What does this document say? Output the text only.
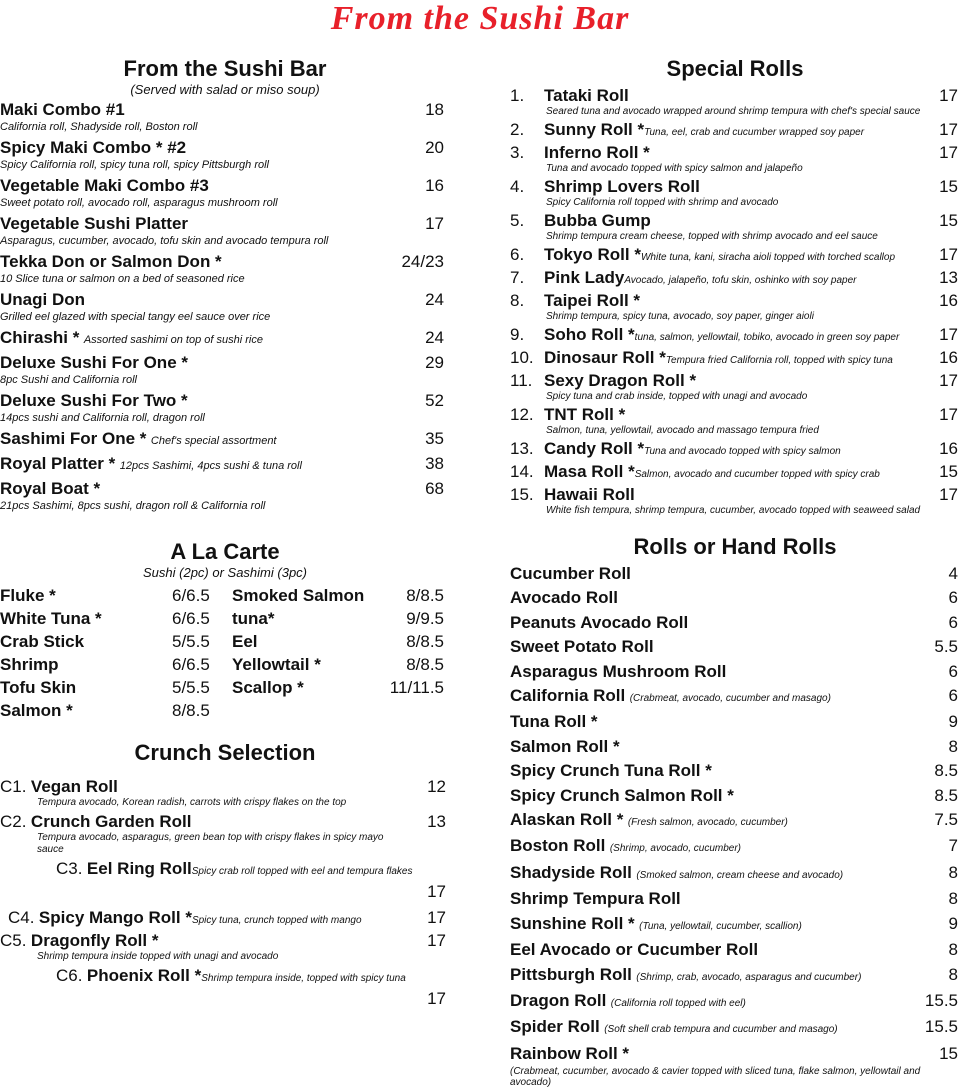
From the Sushi Bar
From the Sushi Bar
(Served with salad or miso soup)
Maki Combo #1	18
California roll, Shadyside roll, Boston roll
Spicy Maki Combo * #2	20
Spicy California roll, spicy tuna roll, spicy Pittsburgh roll
Vegetable Maki Combo #3	16
Sweet potato roll, avocado roll, asparagus mushroom roll
Vegetable Sushi Platter	17
Asparagus, cucumber, avocado, tofu skin and avocado tempura roll
Tekka Don or Salmon Don *	24/23
10 Slice tuna or salmon on a bed of seasoned rice
Unagi Don	24
Grilled eel glazed with special tangy eel sauce over rice
Chirashi * Assorted sashimi on top of sushi rice	24
Deluxe Sushi For One *	29
8pc Sushi and California roll
Deluxe Sushi For Two *	52
14pcs sushi and California roll, dragon roll
Sashimi For One * Chef's special assortment	35
Royal Platter * 12pcs Sashimi, 4pcs sushi & tuna roll	38
Royal Boat *	68
21pcs Sashimi, 8pcs sushi, dragon roll & California roll
A La Carte
Sushi (2pc) or Sashimi (3pc)
Fluke *	6/6.5	Smoked Salmon	8/8.5
White Tuna *	6/6.5	tuna*	9/9.5
Crab Stick	5/5.5	Eel	8/8.5
Shrimp	6/6.5	Yellowtail *	8/8.5
Tofu Skin	5/5.5	Scallop *	11/11.5
Salmon *	8/8.5
Crunch Selection
C1. Vegan Roll	12
Tempura avocado, Korean radish, carrots with crispy flakes on the top
C2. Crunch Garden Roll	13
Tempura avocado, asparagus, green bean top with crispy flakes in spicy mayo sauce
C3. Eel Ring RollSpicy crab roll topped with eel and tempura flakes
17
C4. Spicy Mango Roll *Spicy tuna, crunch topped with mango	17
C5. Dragonfly Roll *	17
Shrimp tempura inside topped with unagi and avocado
C6. Phoenix Roll *Shrimp tempura inside, topped with spicy tuna
17
Special Rolls
1. Tataki Roll	17
Seared tuna and avocado wrapped around shrimp tempura with chef's special sauce
2. Sunny Roll *Tuna, eel, crab and cucumber wrapped soy paper	17
3. Inferno Roll *	17
Tuna and avocado topped with spicy salmon and jalapeño
4. Shrimp Lovers Roll	15
Spicy California roll topped with shrimp and avocado
5. Bubba Gump	15
Shrimp tempura cream cheese, topped with shrimp avocado and eel sauce
6. Tokyo Roll *White tuna, kani, siracha aioli topped with torched scallop	17
7. Pink LadyAvocado, jalapeño, tofu skin, oshinko with soy paper	13
8. Taipei Roll *	16
Shrimp tempura, spicy tuna, avocado, soy paper, ginger aioli
9. Soho Roll *tuna, salmon, yellowtail, tobiko, avocado in green soy paper	17
10. Dinosaur Roll *Tempura fried California roll, topped with spicy tuna	16
11. Sexy Dragon Roll *	17
Spicy tuna and crab inside, topped with unagi and avocado
12. TNT Roll *	17
Salmon, tuna, yellowtail, avocado and massago tempura fried
13. Candy Roll *Tuna and avocado topped with spicy salmon	16
14. Masa Roll *Salmon, avocado and cucumber topped with spicy crab	15
15. Hawaii Roll	17
White fish tempura, shrimp tempura, cucumber, avocado topped with seaweed salad
Rolls or Hand Rolls
Cucumber Roll	4
Avocado Roll	6
Peanuts Avocado Roll	6
Sweet Potato Roll	5.5
Asparagus Mushroom Roll	6
California Roll (Crabmeat, avocado, cucumber and masago)	6
Tuna Roll *	9
Salmon Roll *	8
Spicy Crunch Tuna Roll *	8.5
Spicy Crunch Salmon Roll *	8.5
Alaskan Roll * (Fresh salmon, avocado, cucumber)	7.5
Boston Roll (Shrimp, avocado, cucumber)	7
Shadyside Roll (Smoked salmon, cream cheese and avocado)	8
Shrimp Tempura Roll	8
Sunshine Roll * (Tuna, yellowtail, cucumber, scallion)	9
Eel Avocado or Cucumber Roll	8
Pittsburgh Roll (Shrimp, crab, avocado, asparagus and cucumber)	8
Dragon Roll (California roll topped with eel)	15.5
Spider Roll (Soft shell crab tempura and cucumber and masago)	15.5
Rainbow Roll *	15
(Crabmeat, cucumber, avocado & cavier topped with sliced tuna, flake salmon, yellowtail and avocado)
